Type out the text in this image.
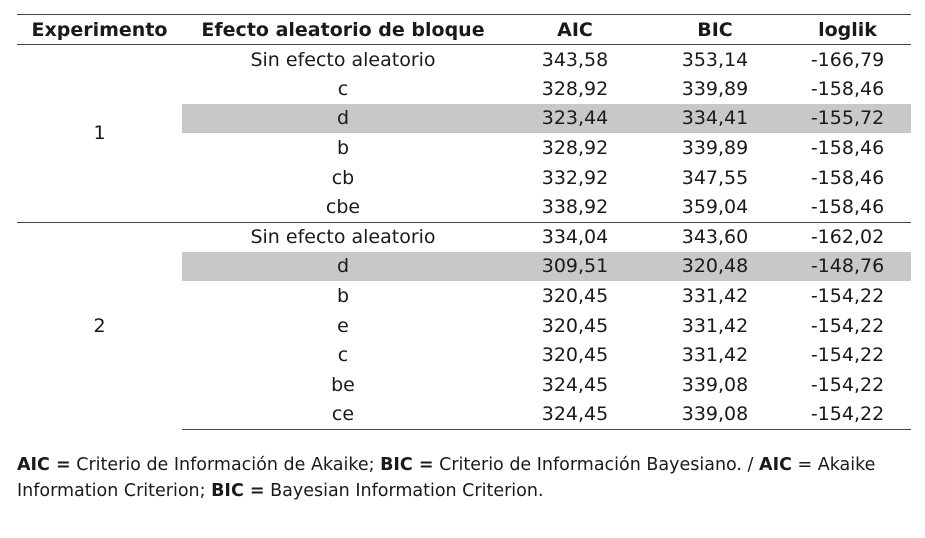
Experimento	Efecto aleatorio de bloque	AIC	BIC	loglik
1	Sin efecto aleatorio	343,58	353,14	-166,79
	c	328,92	339,89	-158,46
	d	323,44	334,41	-155,72
	b	328,92	339,89	-158,46
	cb	332,92	347,55	-158,46
	cbe	338,92	359,04	-158,46
2	Sin efecto aleatorio	334,04	343,60	-162,02
	d	309,51	320,48	-148,76
	b	320,45	331,42	-154,22
	e	320,45	331,42	-154,22
	c	320,45	331,42	-154,22
	be	324,45	339,08	-154,22
	ce	324,45	339,08	-154,22
AIC = Criterio de Información de Akaike; BIC = Criterio de Información Bayesiano. / AIC = Akaike Information Criterion; BIC = Bayesian Information Criterion.
